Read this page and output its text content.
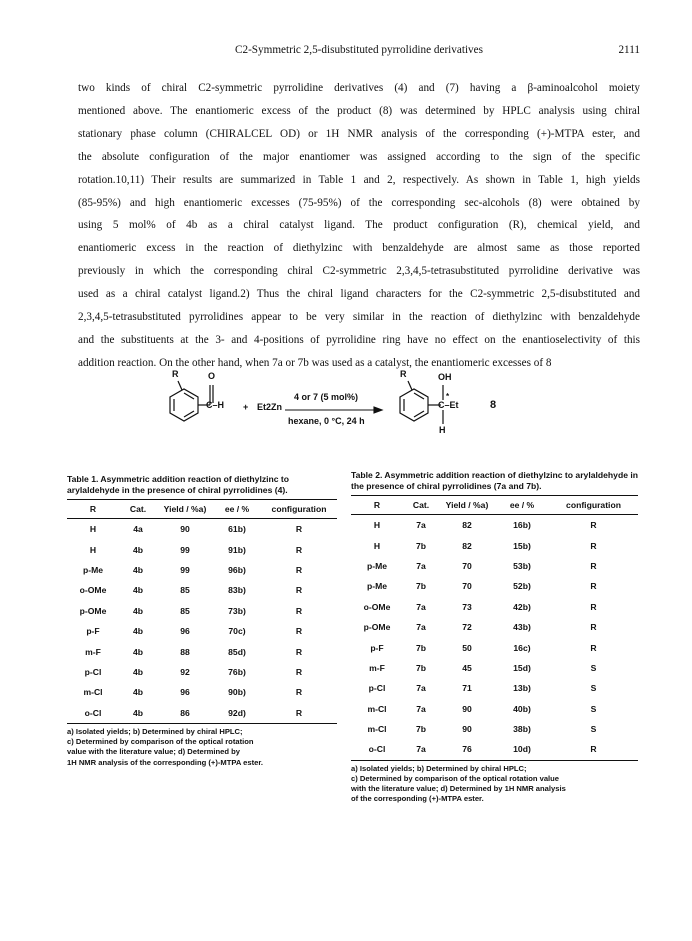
C2-Symmetric 2,5-disubstituted pyrrolidine derivatives	2111
two kinds of chiral C2-symmetric pyrrolidine derivatives (4) and (7) having a β-aminoalcohol moiety
mentioned above. The enantiomeric excess of the product (8) was determined by HPLC analysis using chiral
stationary phase column (CHIRALCEL OD) or 1H NMR analysis of the corresponding (+)-MTPA ester, and
the absolute configuration of the major enantiomer was assigned according to the sign of the specific
rotation.10,11) Their results are summarized in Table 1 and 2, respectively. As shown in Table 1, high yields
(85-95%) and high enantiomeric excesses (75-95%) of the corresponding sec-alcohols (8) were obtained by
using 5 mol% of 4b as a chiral catalyst ligand. The product configuration (R), chemical yield, and
enantiomeric excess in the reaction of diethylzinc with benzaldehyde are almost same as those reported
previously in which the corresponding chiral C2-symmetric 2,3,4,5-tetrasubstituted pyrrolidine derivative was
used as a chiral catalyst ligand.2) Thus the chiral ligand characters for the C2-symmetric 2,5-disubstituted and
2,3,4,5-tetrasubstituted pyrrolidines appear to be very similar in the reaction of diethylzinc with benzaldehyde
and the substituents at the 3- and 4-positions of pyrrolidine ring have no effect on the enantioselectivity of this
addition reaction. On the other hand, when 7a or 7b was used as a catalyst, the enantiomeric excesses of 8
R	O
C–H + Et2Zn
4 or 7 (5 mol%)
hexane, 0 °C, 24 h
R	OH
*
C–Et
H
8
Table 1. Asymmetric addition reaction of diethylzinc to arylaldehyde in the presence of chiral pyrrolidines (4).
R	Cat.	Yield / %a)	ee / %	configuration
H	4a	90	61b)	R
H	4b	99	91b)	R
p-Me	4b	99	96b)	R
o-OMe	4b	85	83b)	R
p-OMe	4b	85	73b)	R
p-F	4b	96	70c)	R
m-F	4b	88	85d)	R
p-Cl	4b	92	76b)	R
m-Cl	4b	96	90b)	R
o-Cl	4b	86	92d)	R
a) Isolated yields; b) Determined by chiral HPLC;
c) Determined by comparison of the optical rotation
value with the literature value; d) Determined by
1H NMR analysis of the corresponding (+)-MTPA ester.
Table 2. Asymmetric addition reaction of diethylzinc to arylaldehyde in the presence of chiral pyrrolidines (7a and 7b).
R	Cat.	Yield / %a)	ee / %	configuration
H	7a	82	16b)	R
H	7b	82	15b)	R
p-Me	7a	70	53b)	R
p-Me	7b	70	52b)	R
o-OMe	7a	73	42b)	R
p-OMe	7a	72	43b)	R
p-F	7b	50	16c)	R
m-F	7b	45	15d)	S
p-Cl	7a	71	13b)	S
m-Cl	7a	90	40b)	S
m-Cl	7b	90	38b)	S
o-Cl	7a	76	10d)	R
a) Isolated yields; b) Determined by chiral HPLC;
c) Determined by comparison of the optical rotation value
with the literature value; d) Determined by 1H NMR analysis
of the corresponding (+)-MTPA ester.
